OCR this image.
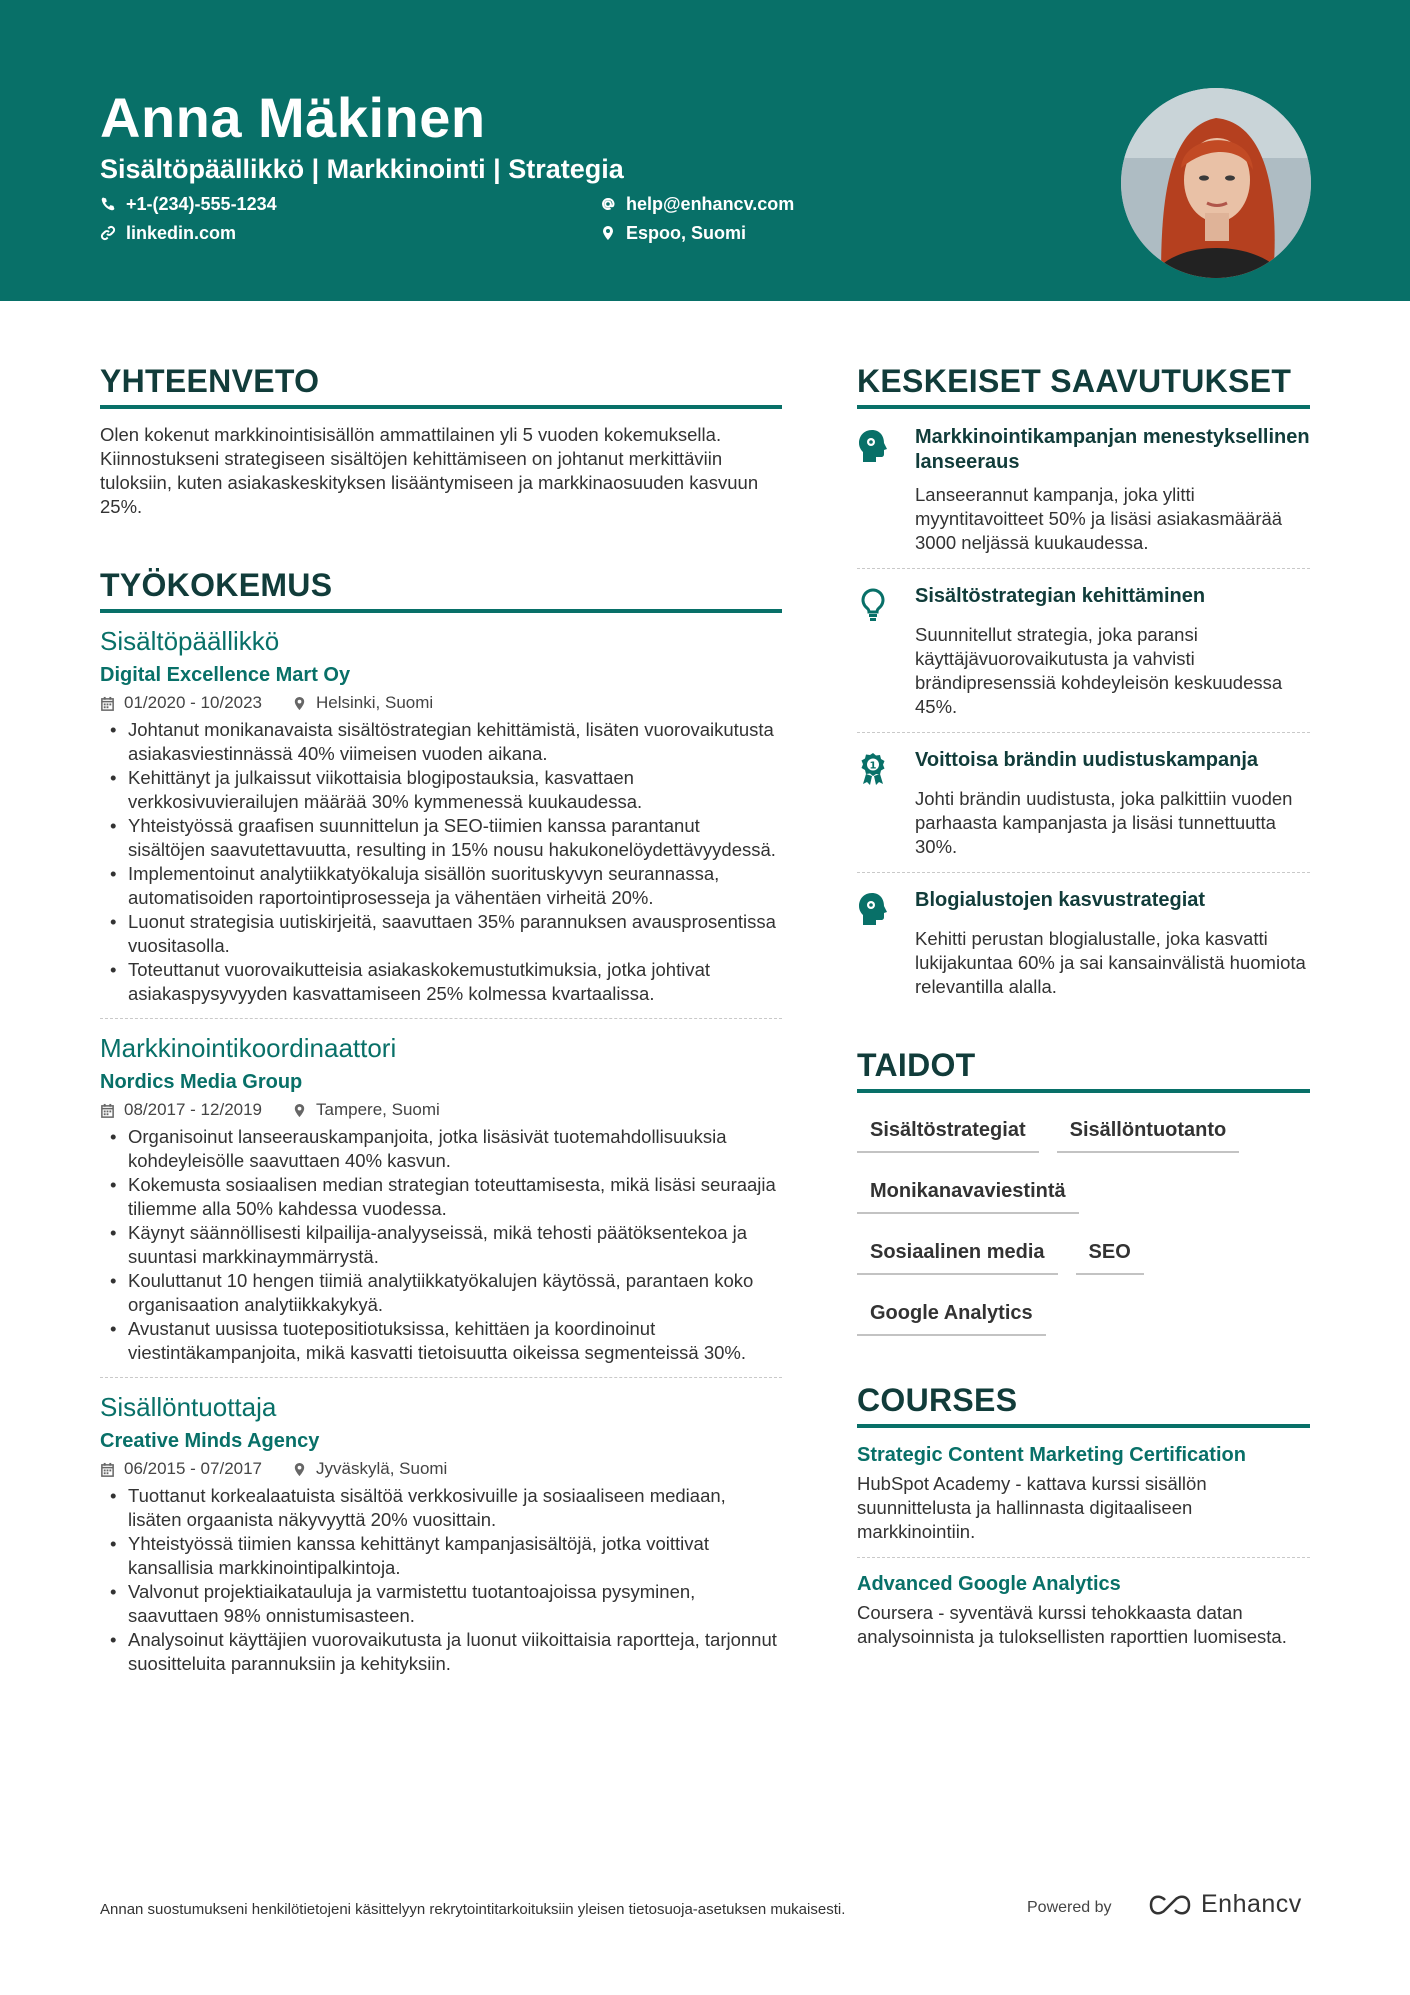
Anna Mäkinen
Sisältöpäällikkö | Markkinointi | Strategia
+1-(234)-555-1234	help@enhancv.com
linkedin.com	Espoo, Suomi
YHTEENVETO
Olen kokenut markkinointisisällön ammattilainen yli 5 vuoden kokemuksella. Kiinnostukseni strategiseen sisältöjen kehittämiseen on johtanut merkittäviin tuloksiin, kuten asiakaskeskityksen lisääntymiseen ja markkinaosuuden kasvuun 25%.
TYÖKOKEMUS
Sisältöpäällikkö
Digital Excellence Mart Oy
01/2020 - 10/2023	Helsinki, Suomi
• Johtanut monikanavaista sisältöstrategian kehittämistä, lisäten vuorovaikutusta asiakasviestinnässä 40% viimeisen vuoden aikana.
• Kehittänyt ja julkaissut viikottaisia blogipostauksia, kasvattaen verkkosivuvierailujen määrää 30% kymmenessä kuukaudessa.
• Yhteistyössä graafisen suunnittelun ja SEO-tiimien kanssa parantanut sisältöjen saavutettavuutta, resulting in 15% nousu hakukonelöydettävyydessä.
• Implementoinut analytiikkatyökaluja sisällön suorituskyvyn seurannassa, automatisoiden raportointiprosesseja ja vähentäen virheitä 20%.
• Luonut strategisia uutiskirjeitä, saavuttaen 35% parannuksen avausprosentissa vuositasolla.
• Toteuttanut vuorovaikutteisia asiakaskokemustutkimuksia, jotka johtivat asiakaspysyvyyden kasvattamiseen 25% kolmessa kvartaalissa.
Markkinointikoordinaattori
Nordics Media Group
08/2017 - 12/2019	Tampere, Suomi
• Organisoinut lanseerauskampanjoita, jotka lisäsivät tuotemahdollisuuksia kohdeyleisölle saavuttaen 40% kasvun.
• Kokemusta sosiaalisen median strategian toteuttamisesta, mikä lisäsi seuraajia tiliemme alla 50% kahdessa vuodessa.
• Käynyt säännöllisesti kilpailija-analyyseissä, mikä tehosti päätöksentekoa ja suuntasi markkinaymmärrystä.
• Kouluttanut 10 hengen tiimiä analytiikkatyökalujen käytössä, parantaen koko organisaation analytiikkakykyä.
• Avustanut uusissa tuotepositiotuksissa, kehittäen ja koordinoinut viestintäkampanjoita, mikä kasvatti tietoisuutta oikeissa segmenteissä 30%.
Sisällöntuottaja
Creative Minds Agency
06/2015 - 07/2017	Jyväskylä, Suomi
• Tuottanut korkealaatuista sisältöä verkkosivuille ja sosiaaliseen mediaan, lisäten orgaanista näkyvyyttä 20% vuosittain.
• Yhteistyössä tiimien kanssa kehittänyt kampanjasisältöjä, jotka voittivat kansallisia markkinointipalkintoja.
• Valvonut projektiaikatauluja ja varmistettu tuotantoajoissa pysyminen, saavuttaen 98% onnistumisasteen.
• Analysoinut käyttäjien vuorovaikutusta ja luonut viikoittaisia raportteja, tarjonnut suositteluita parannuksiin ja kehityksiin.
KESKEISET SAAVUTUKSET
Markkinointikampanjan menestyksellinen lanseeraus
Lanseerannut kampanja, joka ylitti myyntitavoitteet 50% ja lisäsi asiakasmäärää 3000 neljässä kuukaudessa.
Sisältöstrategian kehittäminen
Suunnitellut strategia, joka paransi käyttäjävuorovaikutusta ja vahvisti brändipresenssiä kohdeyleisön keskuudessa 45%.
1 Voittoisa brändin uudistuskampanja
Johti brändin uudistusta, joka palkittiin vuoden parhaasta kampanjasta ja lisäsi tunnettuutta 30%.
Blogialustojen kasvustrategiat
Kehitti perustan blogialustalle, joka kasvatti lukijakuntaa 60% ja sai kansainvälistä huomiota relevantilla alalla.
TAIDOT
Sisältöstrategiat	Sisällöntuotanto
Monikanavaviestintä
Sosiaalinen media	SEO
Google Analytics
COURSES
Strategic Content Marketing Certification
HubSpot Academy - kattava kurssi sisällön suunnittelusta ja hallinnasta digitaaliseen markkinointiin.
Advanced Google Analytics
Coursera - syventävä kurssi tehokkaasta datan analysoinnista ja tuloksellisten raporttien luomisesta.
Annan suostumukseni henkilötietojeni käsittelyyn rekrytointitarkoituksiin yleisen tietosuoja-asetuksen mukaisesti.	Powered by	Enhancv
